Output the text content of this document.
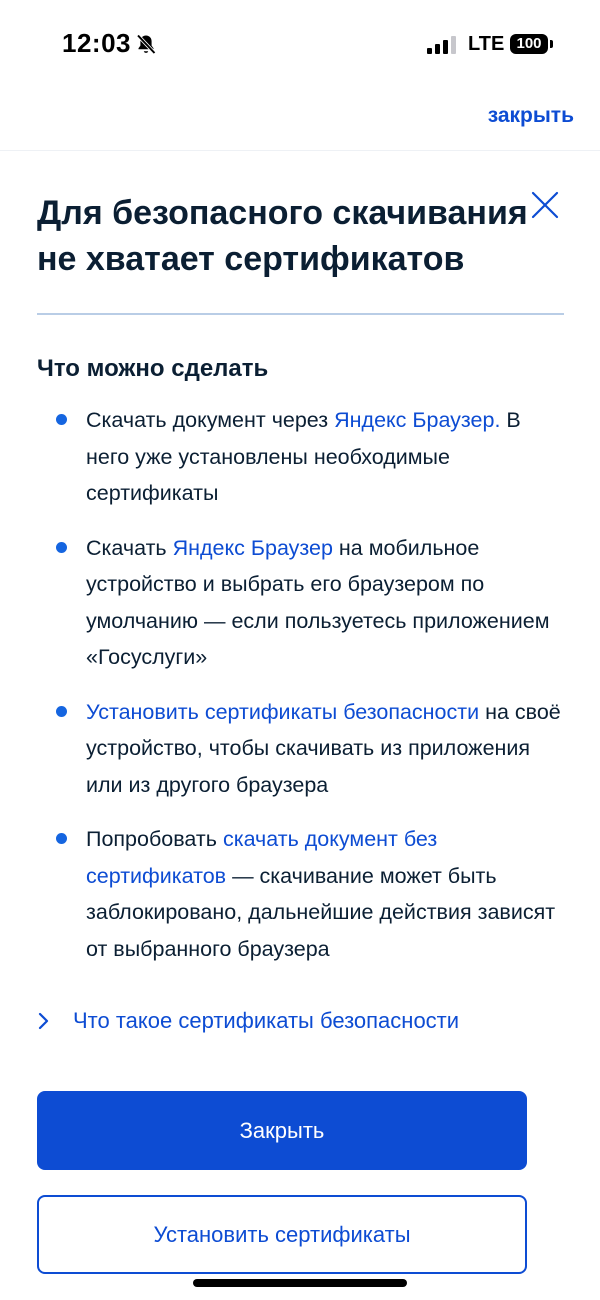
12:03	LTE 100
закрыть
Для безопасного скачивания не хватает сертификатов
Что можно сделать
Скачать документ через Яндекс Браузер. В него уже установлены необходимые сертификаты
Скачать Яндекс Браузер на мобильное устройство и выбрать его браузером по умолчанию — если пользуетесь приложением «Госуслуги»
Установить сертификаты безопасности на своё устройство, чтобы скачивать из приложения или из другого браузера
Попробовать скачать документ без сертификатов — скачивание может быть заблокировано, дальнейшие действия зависят от выбранного браузера
Что такое сертификаты безопасности
Закрыть
Установить сертификаты
